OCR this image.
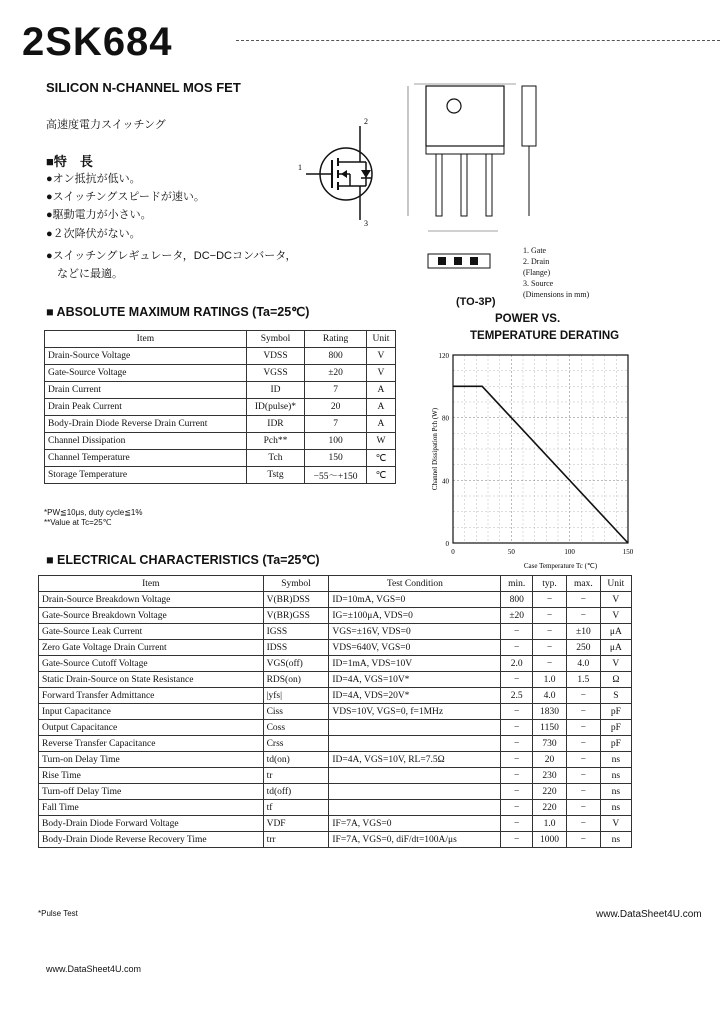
2SK684
SILICON N-CHANNEL MOS FET
高速度電力スイッチング
■特　長
●オン抵抗が低い。
●スイッチングスピードが速い。
●駆動電力が小さい。
●２次降伏がない。
●スイッチングレギュレータ，DC−DCコンバータ，
　などに最適。
2
1
3
1. Gate
2. Drain
(Flange)
3. Source
(Dimensions in mm)
(TO-3P)
■ ABSOLUTE MAXIMUM RATINGS (Ta=25℃)
Item	Symbol	Rating	Unit
Drain-Source Voltage	VDSS	800	V
Gate-Source Voltage	VGSS	±20	V
Drain Current	ID	7	A
Drain Peak Current	ID(pulse)*	20	A
Body-Drain Diode Reverse Drain Current	IDR	7	A
Channel Dissipation	Pch**	100	W
Channel Temperature	Tch	150	℃
Storage Temperature	Tstg	−55～+150	℃
*PW≦10μs, duty cycle≦1%
**Value at Tc=25℃
POWER VS.
TEMPERATURE DERATING
0	50	100	150
0
40
80
120
Case Temperature Tc (℃)
Channel Dissipation Pch (W)
■ ELECTRICAL CHARACTERISTICS (Ta=25℃)
Item	Symbol	Test Condition	min.	typ.	max.	Unit
Drain-Source Breakdown Voltage	V(BR)DSS	ID=10mA, VGS=0	800	−	−	V
Gate-Source Breakdown Voltage	V(BR)GSS	IG=±100μA, VDS=0	±20	−	−	V
Gate-Source Leak Current	IGSS	VGS=±16V, VDS=0	−	−	±10	μA
Zero Gate Voltage Drain Current	IDSS	VDS=640V, VGS=0	−	−	250	μA
Gate-Source Cutoff Voltage	VGS(off)	ID=1mA, VDS=10V	2.0	−	4.0	V
Static Drain-Source on State Resistance	RDS(on)	ID=4A, VGS=10V*	−	1.0	1.5	Ω
Forward Transfer Admittance	|yfs|	ID=4A, VDS=20V*	2.5	4.0	−	S
Input Capacitance	Ciss	VDS=10V, VGS=0, f=1MHz	−	1830	−	pF
Output Capacitance	Coss		−	1150	−	pF
Reverse Transfer Capacitance	Crss		−	730	−	pF
Turn-on Delay Time	td(on)	ID=4A, VGS=10V, RL=7.5Ω	−	20	−	ns
Rise Time	tr		−	230	−	ns
Turn-off Delay Time	td(off)		−	220	−	ns
Fall Time	tf		−	220	−	ns
Body-Drain Diode Forward Voltage	VDF	IF=7A, VGS=0	−	1.0	−	V
Body-Drain Diode Reverse Recovery Time	trr	IF=7A, VGS=0, diF/dt=100A/μs	−	1000	−	ns
*Pulse Test	www.DataSheet4U.com
www.DataSheet4U.com
